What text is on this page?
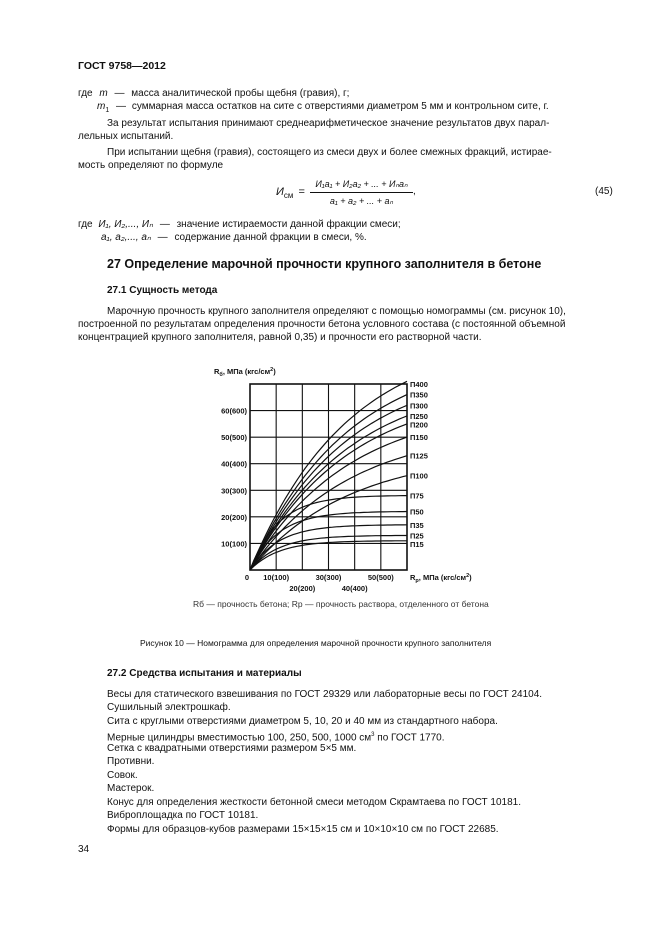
ГОСТ 9758—2012
где m — масса аналитической пробы щебня (гравия), г;
$m_1$ — суммарная масса остатков на сите с отверстиями диаметром 5 мм и контрольном сите, г.
За результат испытания принимают среднеарифметическое значение результатов двух парал-
лельных испытаний.
При испытании щебня (гравия), состоящего из смеси двух и более смежных фракций, истирае-
мость определяют по формуле
$И_{см}$ =
И₁a₁ + И₂a₂ + ... + Иₙaₙ
a₁ + a₂ + ... + aₙ
,	(45)
где И₁, И₂,..., Иₙ — значение истираемости данной фракции смеси;
a₁, a₂,..., aₙ — содержание данной фракции в смеси, %.
27 Определение марочной прочности крупного заполнителя в бетоне
27.1 Сущность метода
Марочную прочность крупного заполнителя определяют с помощью номограммы (см. рисунок 10),
построенной по результатам определения прочности бетона условного состава (с постоянной объемной
концентрацией крупного заполнителя, равной 0,35) и прочности его растворной части.
10(100)
20(200)
30(300)
40(400)
50(500)
60(600)
0 10(100)	30(300)	50(500)
20(200)	40(400)
Rб, МПа (кгс/см2)
Rр, МПа (кгс/см2)
П400
П350
П300
П250
П200
П150
П125
П100
П75
П50
П35
П25
П15
Rб — прочность бетона; Rр — прочность раствора, отделенного от бетона
Рисунок 10 — Номограмма для определения марочной прочности крупного заполнителя
27.2 Средства испытания и материалы
Весы для статического взвешивания по ГОСТ 29329 или лабораторные весы по ГОСТ 24104.
Сушильный электрошкаф.
Сита с круглыми отверстиями диаметром 5, 10, 20 и 40 мм из стандартного набора.
Мерные цилиндры вместимостью 100, 250, 500, 1000 $см^3$ по ГОСТ 1770.
Сетка с квадратными отверстиями размером 5×5 мм.
Противни.
Совок.
Мастерок.
Конус для определения жесткости бетонной смеси методом Скрамтаева по ГОСТ 10181.
Виброплощадка по ГОСТ 10181.
Формы для образцов-кубов размерами 15×15×15 см и 10×10×10 см по ГОСТ 22685.
34
